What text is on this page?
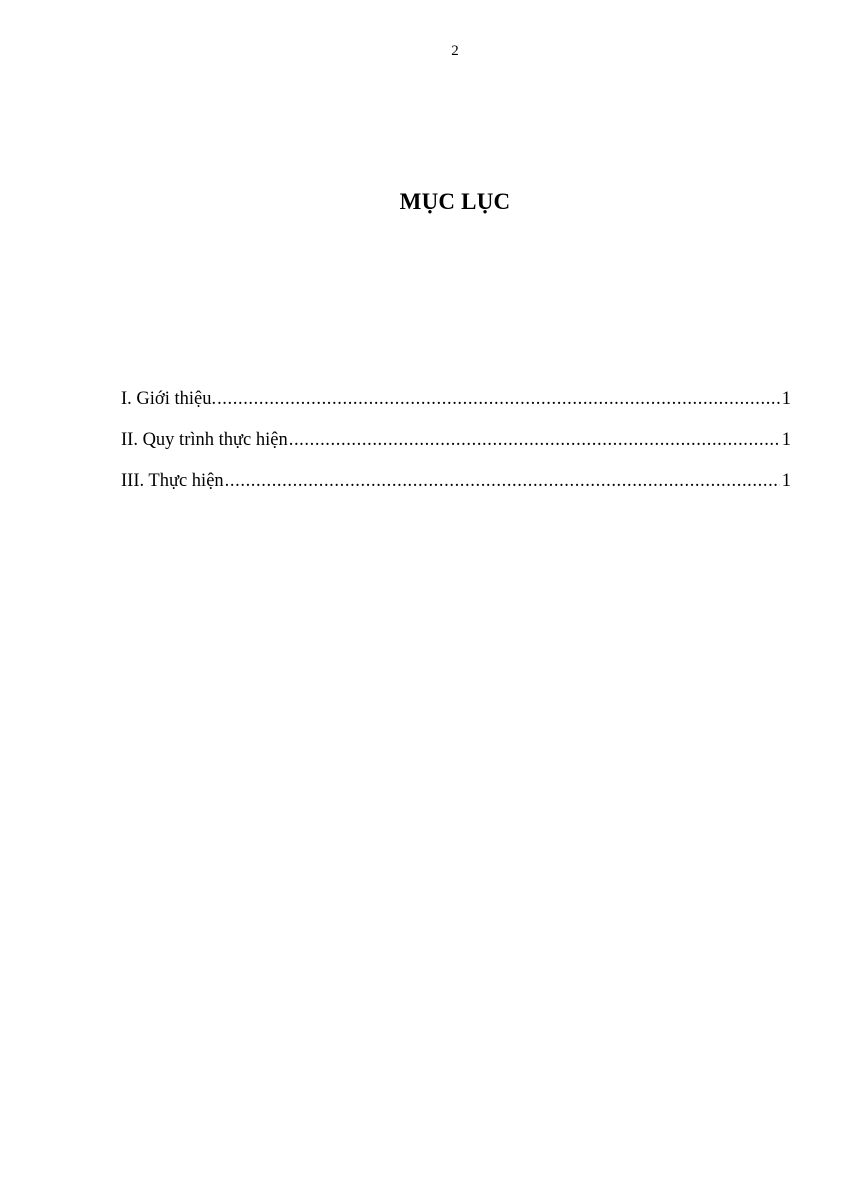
2
MỤC LỤC
I. Giới thiệu. .....	1
II. Quy trình thực hiện .....	1
III. Thực hiện .....	1
